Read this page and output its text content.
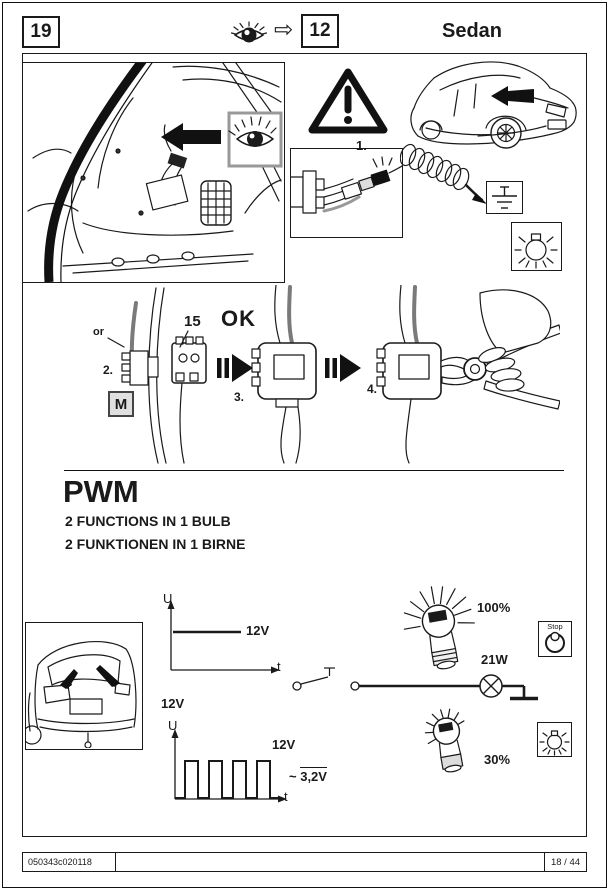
19	⇨ 12	Sedan
1.
or
2.
M
15 OK
3.
4.
PWM
2 FUNCTIONS IN 1 BULB
2 FUNKTIONEN IN 1 BIRNE
U
12V
t
12V
U
12V
~ 3,2V
t
100%
21W
30%
Stop
050343c020118	18 / 44
